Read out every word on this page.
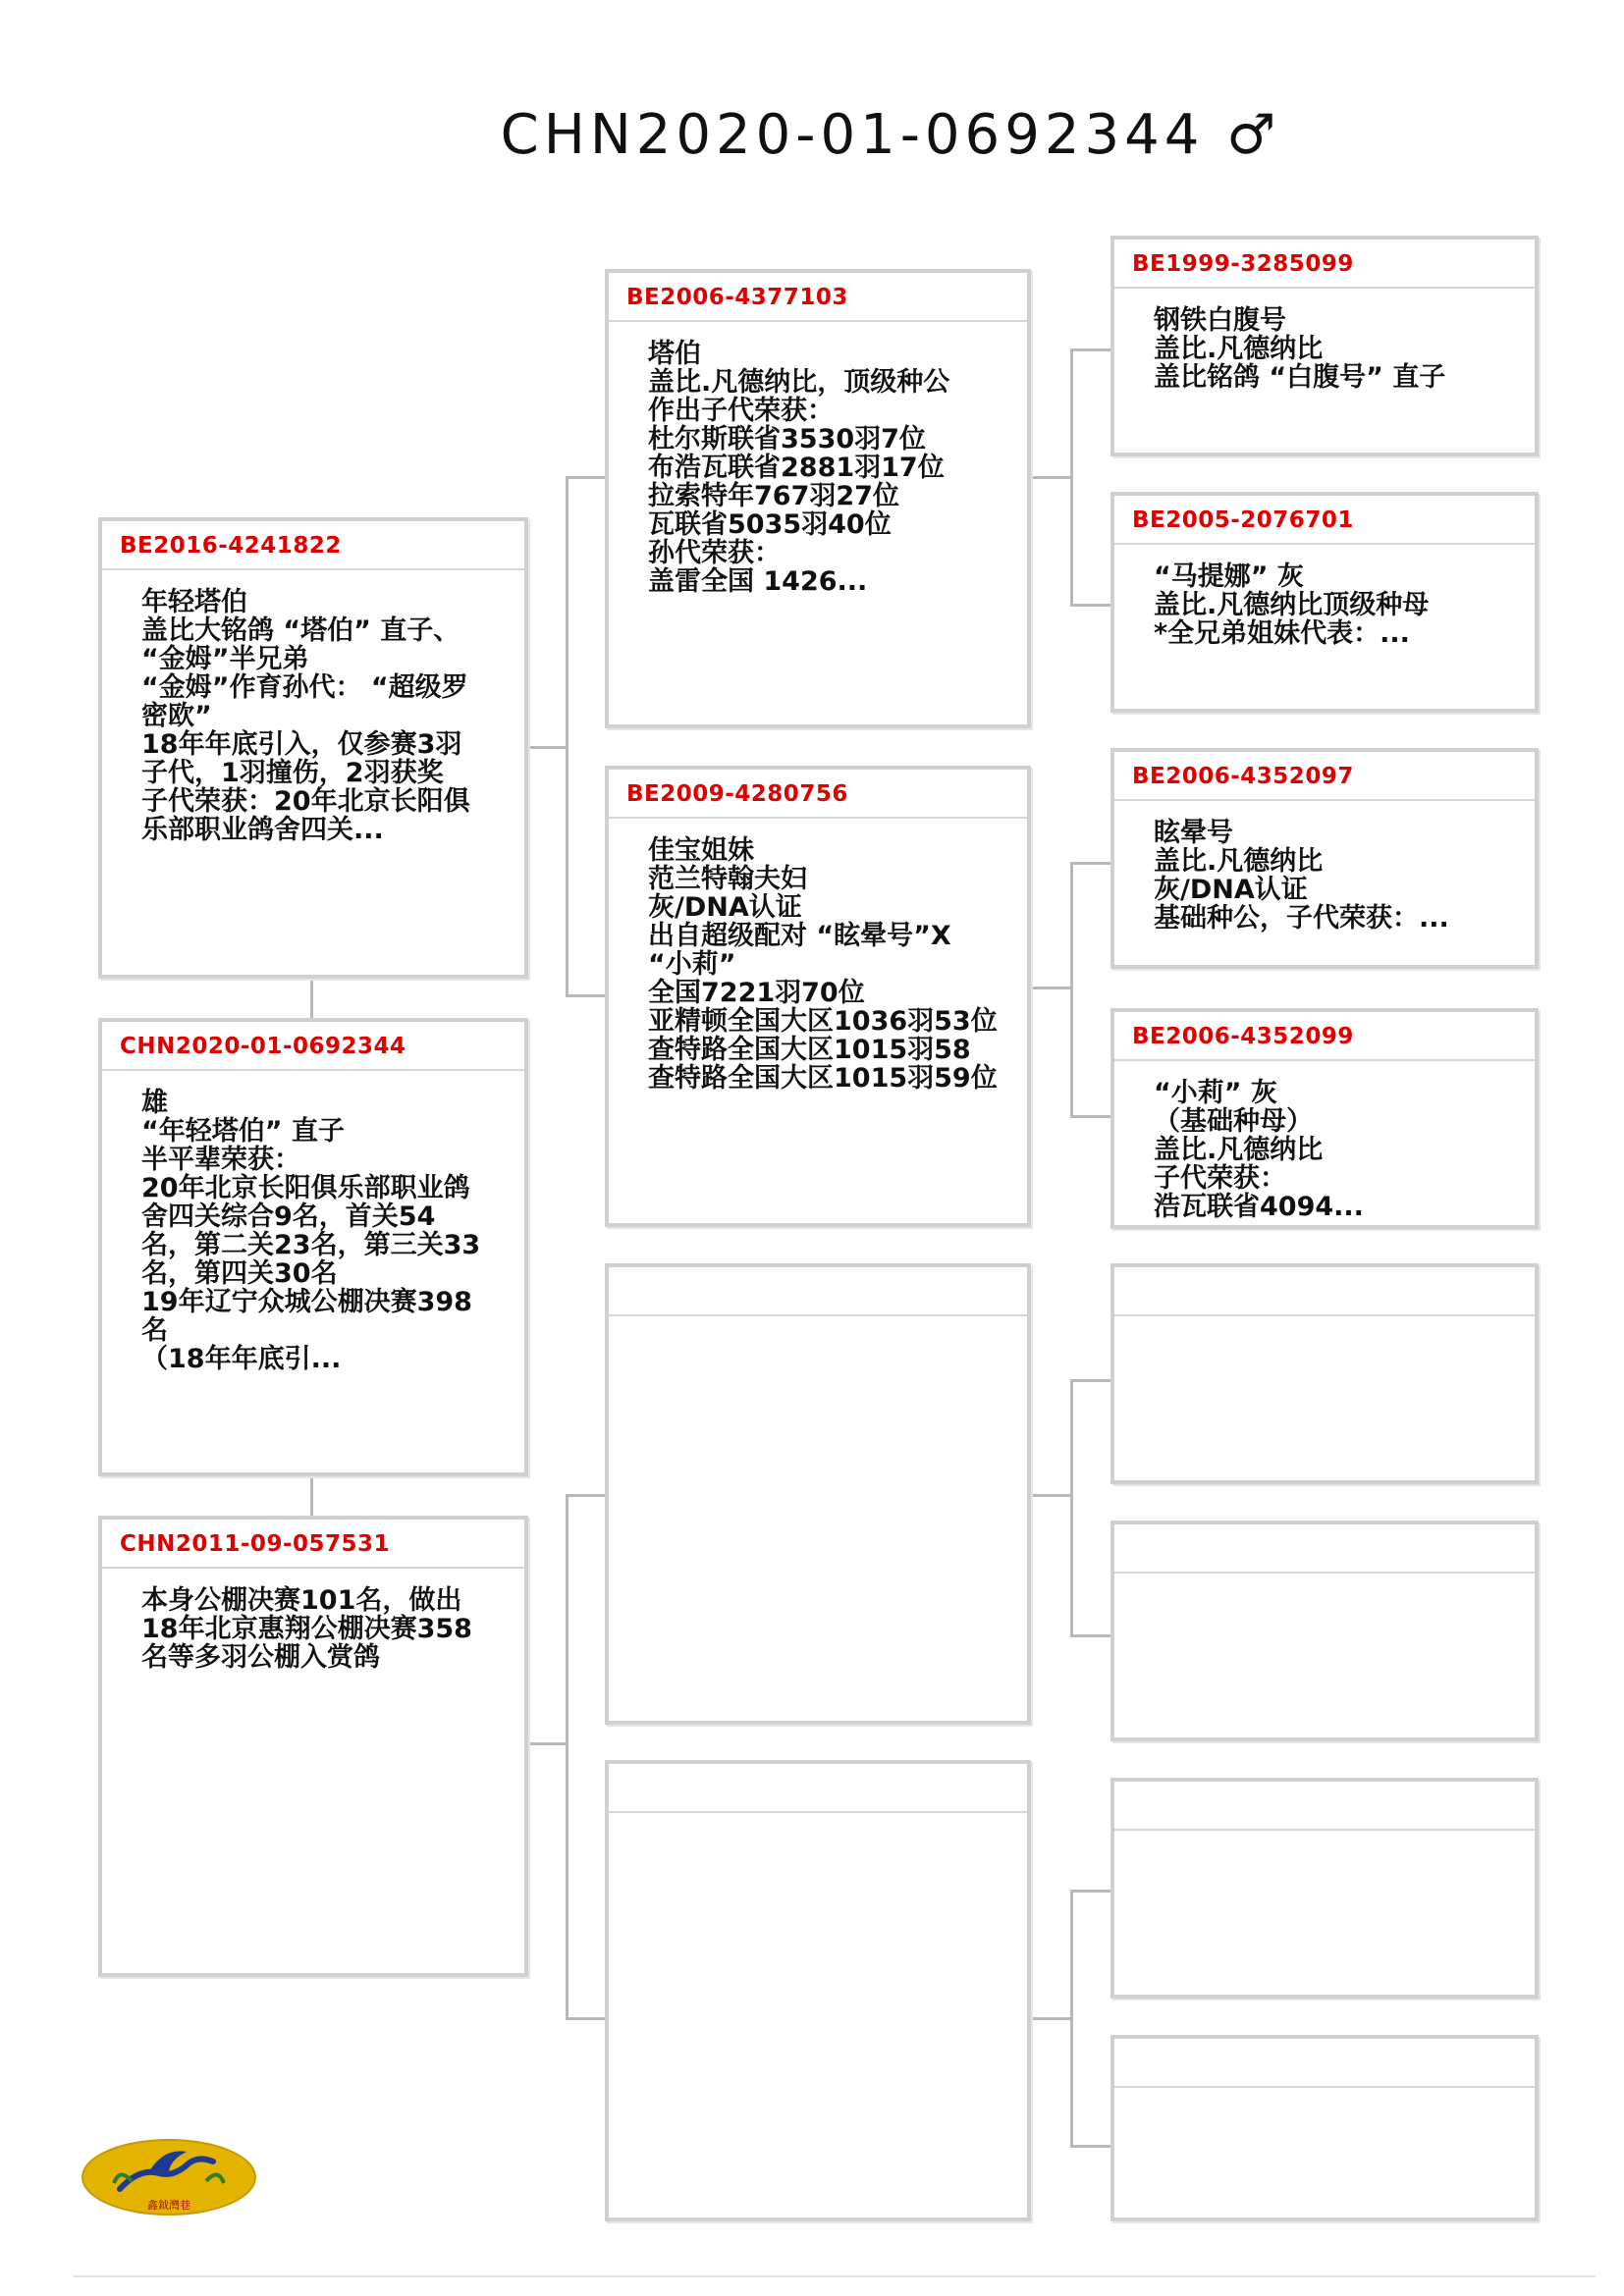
CHN2020-01-0692344 ♂
BE2016-4241822
年轻塔伯
盖比大铭鸽 “塔伯” 直子、 “金姆”半兄弟
“金姆”作育孙代： “超级罗密欧”
18年年底引入，仅参赛3羽子代，1羽撞伤，2羽获奖
子代荣获：20年北京长阳俱乐部职业鸽舍四关...
CHN2020-01-0692344
雄
“年轻塔伯” 直子
半平辈荣获：
20年北京长阳俱乐部职业鸽舍四关综合9名，首关54名，第二关23名，第三关33名，第四关30名
19年辽宁众城公棚决赛398名
（18年年底引...
CHN2011-09-057531
本身公棚决赛101名，做出18年北京惠翔公棚决赛358名等多羽公棚入赏鸽
BE2006-4377103
塔伯
盖比.凡德纳比，顶级种公
作出子代荣获：
杜尔斯联省3530羽7位
布浩瓦联省2881羽17位
拉索特年767羽27位
瓦联省5035羽40位
孙代荣获：
盖雷全国 1426...
BE2009-4280756
佳宝姐妹
范兰特翰夫妇
灰/DNA认证
出自超级配对 “眩晕号”X “小莉”
全国7221羽70位
亚精顿全国大区1036羽53位
查特路全国大区1015羽58
查特路全国大区1015羽59位
BE1999-3285099
钢铁白腹号
盖比.凡德纳比
盖比铭鸽 “白腹号” 直子
BE2005-2076701
“马提娜” 灰
盖比.凡德纳比顶级种母
*全兄弟姐妹代表：...
BE2006-4352097
眩晕号
盖比.凡德纳比
灰/DNA认证
基础种公，子代荣获：...
BE2006-4352099
“小莉” 灰
（基础种母）
盖比.凡德纳比
子代荣获：
浩瓦联省4094...
鑫鉞灣巷
